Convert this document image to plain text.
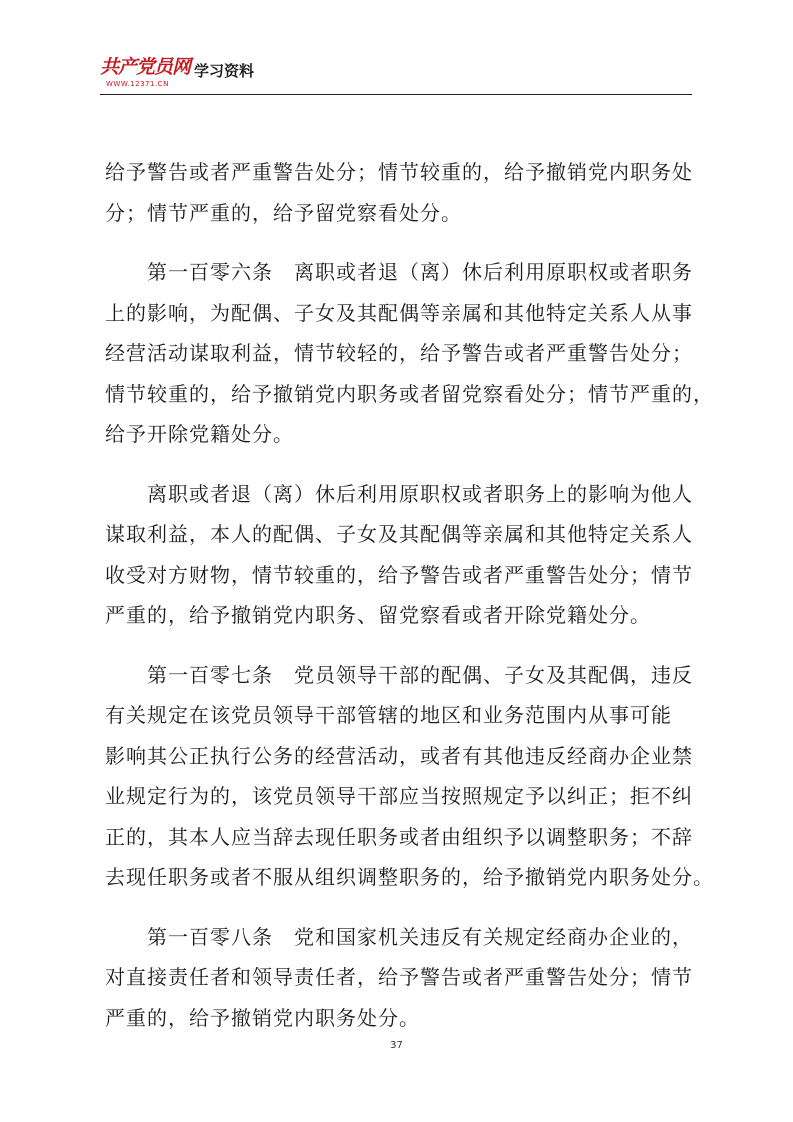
共产党员网
WWW.12371.CN
学习资料

给予警告或者严重警告处分；情节较重的，给予撤销党内职务处
分；情节严重的，给予留党察看处分。

第一百零六条　离职或者退（离）休后利用原职权或者职务
上的影响，为配偶、子女及其配偶等亲属和其他特定关系人从事
经营活动谋取利益，情节较轻的，给予警告或者严重警告处分；
情节较重的，给予撤销党内职务或者留党察看处分；情节严重的，
给予开除党籍处分。

离职或者退（离）休后利用原职权或者职务上的影响为他人
谋取利益，本人的配偶、子女及其配偶等亲属和其他特定关系人
收受对方财物，情节较重的，给予警告或者严重警告处分；情节
严重的，给予撤销党内职务、留党察看或者开除党籍处分。

第一百零七条　党员领导干部的配偶、子女及其配偶，违反
有关规定在该党员领导干部管辖的地区和业务范围内从事可能
影响其公正执行公务的经营活动，或者有其他违反经商办企业禁
业规定行为的，该党员领导干部应当按照规定予以纠正；拒不纠
正的，其本人应当辞去现任职务或者由组织予以调整职务；不辞
去现任职务或者不服从组织调整职务的，给予撤销党内职务处分。

第一百零八条　党和国家机关违反有关规定经商办企业的，
对直接责任者和领导责任者，给予警告或者严重警告处分；情节
严重的，给予撤销党内职务处分。

37
